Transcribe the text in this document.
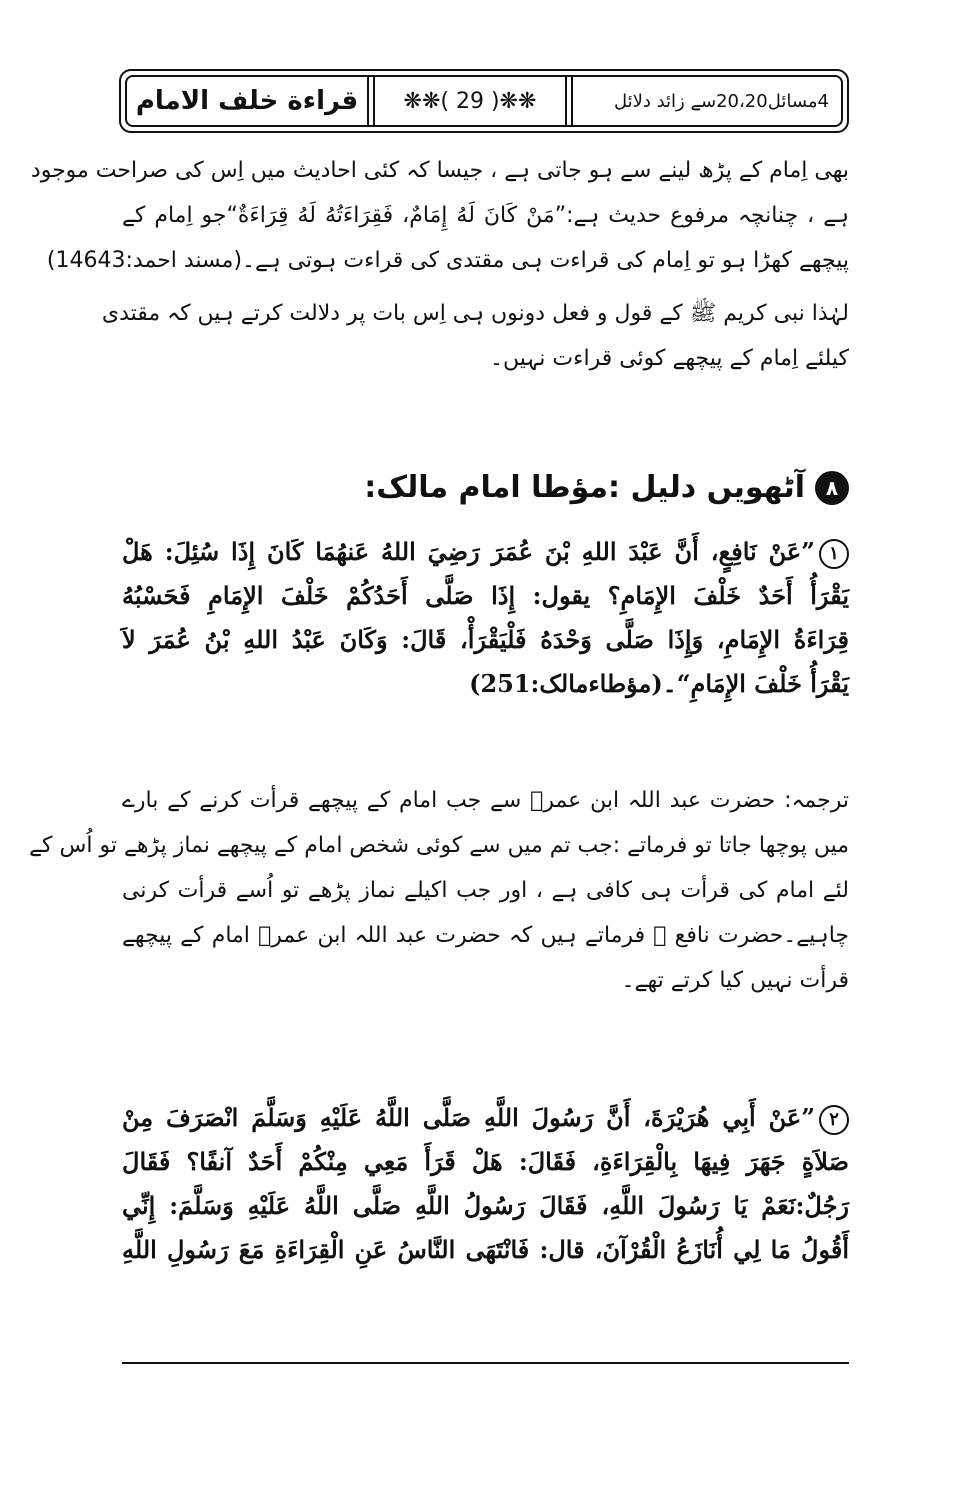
قراءة خلف الامام	❋❋( 29 )❋❋	4مسائل20،20سے زائد دلائل
بھی اِمام کے پڑھ لینے سے ہو جاتی ہے ، جیسا کہ کئی احادیث میں اِس کی صراحت موجود
ہے ، چنانچہ مرفوع حدیث ہے:”مَنْ كَانَ لَهُ إِمَامٌ، فَقِرَاءَتُهُ لَهُ قِرَاءَةٌ“جو اِمام کے
پیچھے کھڑا ہو تو اِمام کی قراءت ہی مقتدی کی قراءت ہوتی ہے۔(مسند احمد:14643)
لہٰذا نبی کریم ﷺ کے قول و فعل دونوں ہی اِس بات پر دلالت کرتے ہیں کہ مقتدی
کیلئے اِمام کے پیچھے کوئی قراءت نہیں۔
٨
آٹھویں دلیل :مؤطا امام مالک:
١”عَنْ نَافِعٍ، أَنَّ عَبْدَ اللهِ بْنَ عُمَرَ رَضِيَ اللهُ عَنهُمَا كَانَ إِذَا سُئِلَ: هَلْ
يَقْرَأُ أَحَدٌ خَلْفَ الإِمَامِ؟ يقول: إِذَا صَلَّى أَحَدُكُمْ خَلْفَ الإِمَامِ فَحَسْبُهُ
قِرَاءَةُ الإِمَامِ، وَإِذَا صَلَّى وَحْدَهُ فَلْيَقْرَأْ، قَالَ: وَكَانَ عَبْدُ اللهِ بْنُ عُمَرَ لاَ
يَقْرَأُ خَلْفَ الإِمَامِ“۔(مؤطاءمالک:251)
ترجمہ: حضرت عبد اللہ ابن عمرؓ سے جب امام کے پیچھے قرأت کرنے کے بارے
میں پوچھا جاتا تو فرماتے :جب تم میں سے کوئی شخص امام کے پیچھے نماز پڑھے تو اُس کے
لئے امام کی قرأت ہی کافی ہے ، اور جب اکیلے نماز پڑھے تو اُسے قرأت کرنی
چاہیے۔حضرت نافع ؒ فرماتے ہیں کہ حضرت عبد اللہ ابن عمرؓ امام کے پیچھے
قرأت نہیں کیا کرتے تھے۔
٢”عَنْ أَبِي هُرَيْرَةَ، أَنَّ رَسُولَ اللَّهِ صَلَّى اللَّهُ عَلَيْهِ وَسَلَّمَ انْصَرَفَ مِنْ
صَلاَةٍ جَهَرَ فِيهَا بِالْقِرَاءَةِ، فَقَالَ: هَلْ قَرَأَ مَعِي مِنْكُمْ أَحَدٌ آنفًا؟ فَقَالَ
رَجُلٌ:نَعَمْ يَا رَسُولَ اللَّهِ، فَقَالَ رَسُولُ اللَّهِ صَلَّى اللَّهُ عَلَيْهِ وَسَلَّمَ: إِنِّي
أَقُولُ مَا لِي أُنَازَعُ الْقُرْآنَ، قال: فَانْتَهَى النَّاسُ عَنِ الْقِرَاءَةِ مَعَ رَسُولِ اللَّهِ
